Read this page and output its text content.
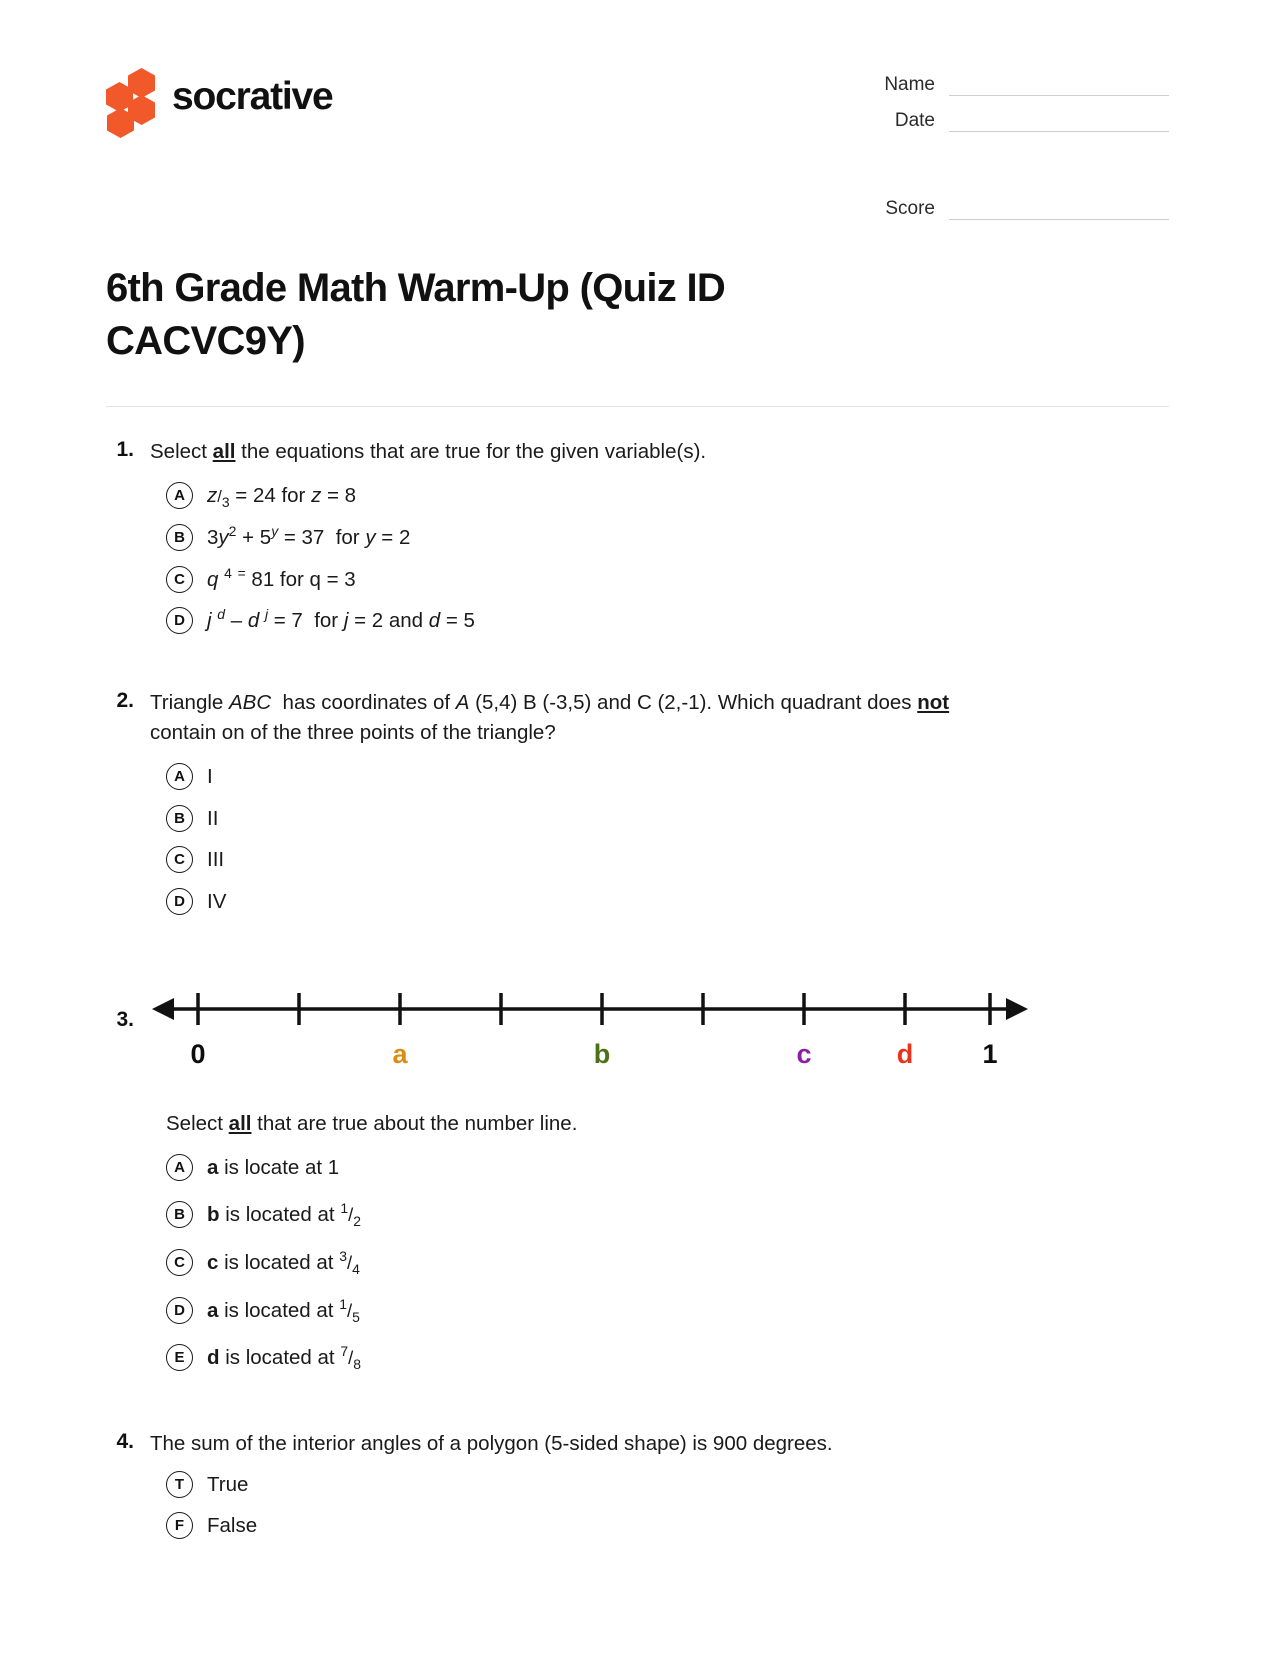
socrative	Name
Date
Score
6th Grade Math Warm-Up (Quiz ID CACVC9Y)
1. Select all the equations that are true for the given variable(s).
A	$z/_3 = 24$ for z = 8
B	$3y^2 + 5^y = 37$  for y = 2
C	q $^4$ = 81 for q = 3
D	j $^d$ – d $^j$ = 7  for j = 2 and d = 5
2. Triangle ABC  has coordinates of A (5,4) B (-3,5) and C (2,-1). Which quadrant does not contain on of the three points of the triangle?
A	I
B	II
C	III
D	IV
3.
0	a	b	c	d	1
Select all that are true about the number line.
A	a is locate at 1
B	b is located at $^1/_2$
C	c is located at $^3/_4$
D	a is located at $^1/_5$
E	d is located at $^7/_8$
4. The sum of the interior angles of a polygon (5-sided shape) is 900 degrees.
T	True
F	False
